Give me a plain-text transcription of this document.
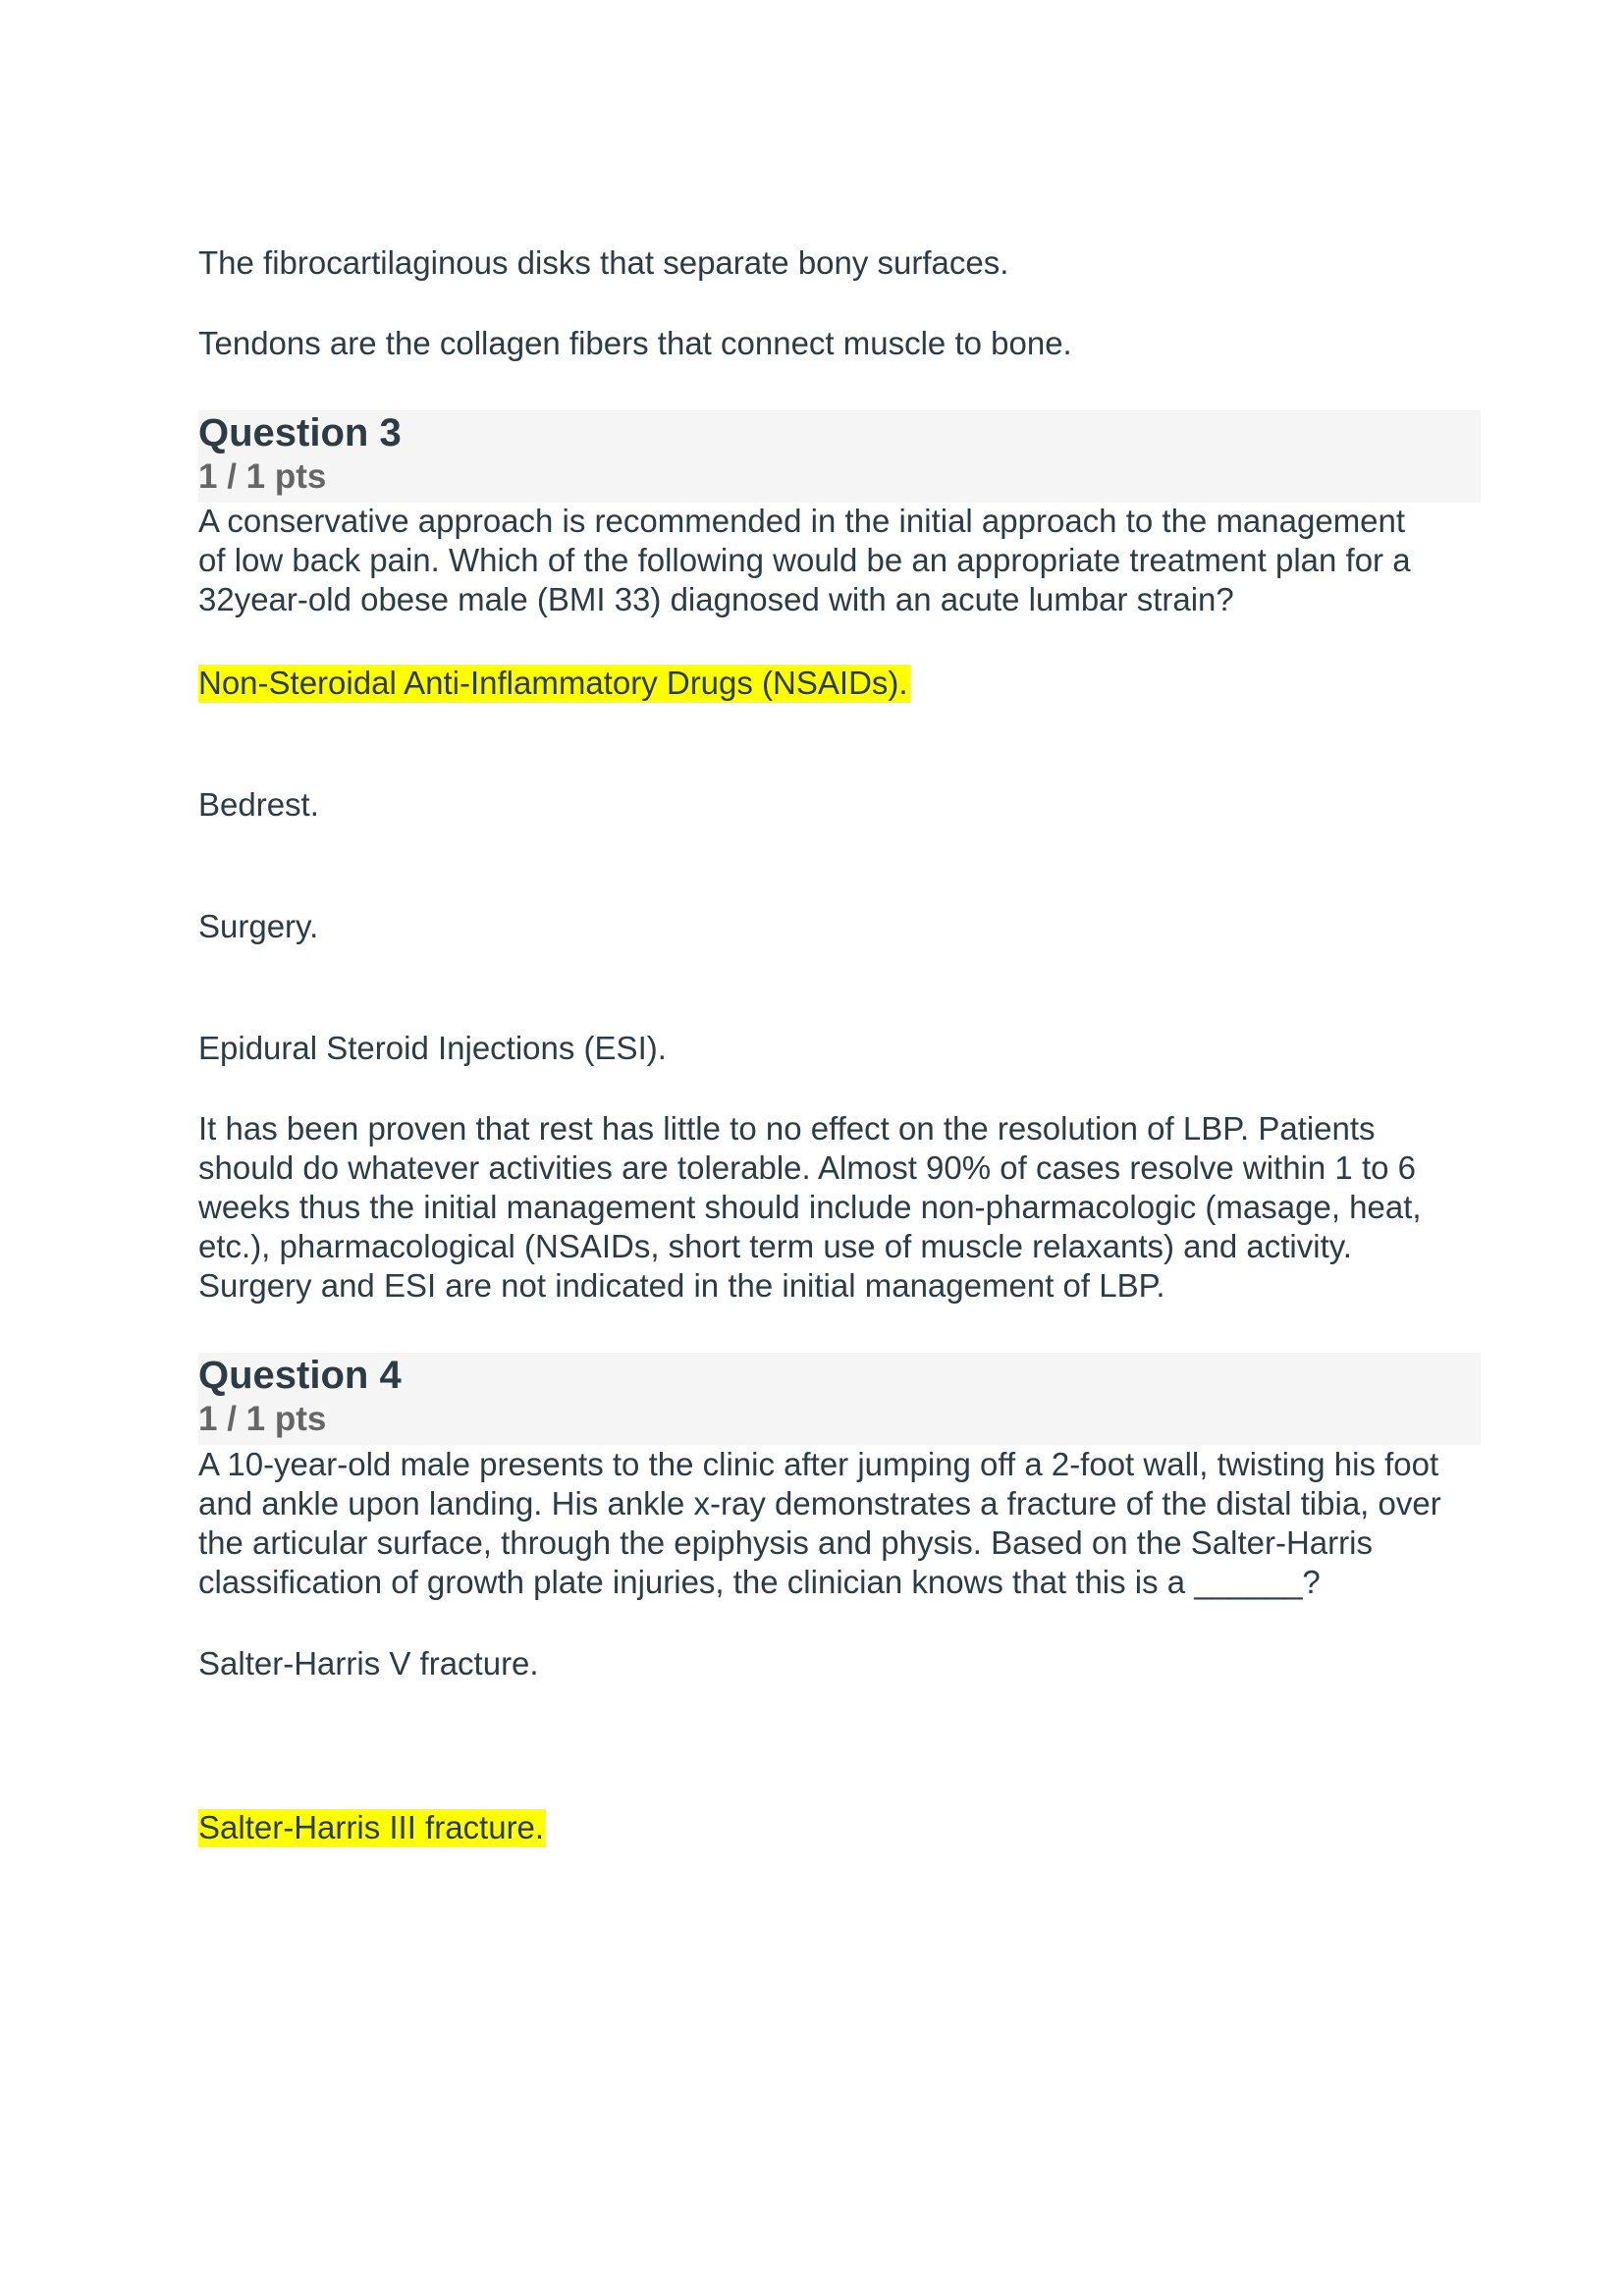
The fibrocartilaginous disks that separate bony surfaces.

Tendons are the collagen fibers that connect muscle to bone.

Question 3

1 / 1 pts

A conservative approach is recommended in the initial approach to the management
of low back pain. Which of the following would be an appropriate treatment plan for a
32year-old obese male (BMI 33) diagnosed with an acute lumbar strain?

Non-Steroidal Anti-Inflammatory Drugs (NSAIDs).

Bedrest.

Surgery.

Epidural Steroid Injections (ESI).

It has been proven that rest has little to no effect on the resolution of LBP. Patients
should do whatever activities are tolerable. Almost 90% of cases resolve within 1 to 6
weeks thus the initial management should include non-pharmacologic (masage, heat,
etc.), pharmacological (NSAIDs, short term use of muscle relaxants) and activity.
Surgery and ESI are not indicated in the initial management of LBP.

Question 4

1 / 1 pts

A 10-year-old male presents to the clinic after jumping off a 2-foot wall, twisting his foot
and ankle upon landing. His ankle x-ray demonstrates a fracture of the distal tibia, over
the articular surface, through the epiphysis and physis. Based on the Salter-Harris
classification of growth plate injuries, the clinician knows that this is a ______?

Salter-Harris V fracture.

Salter-Harris III fracture.
